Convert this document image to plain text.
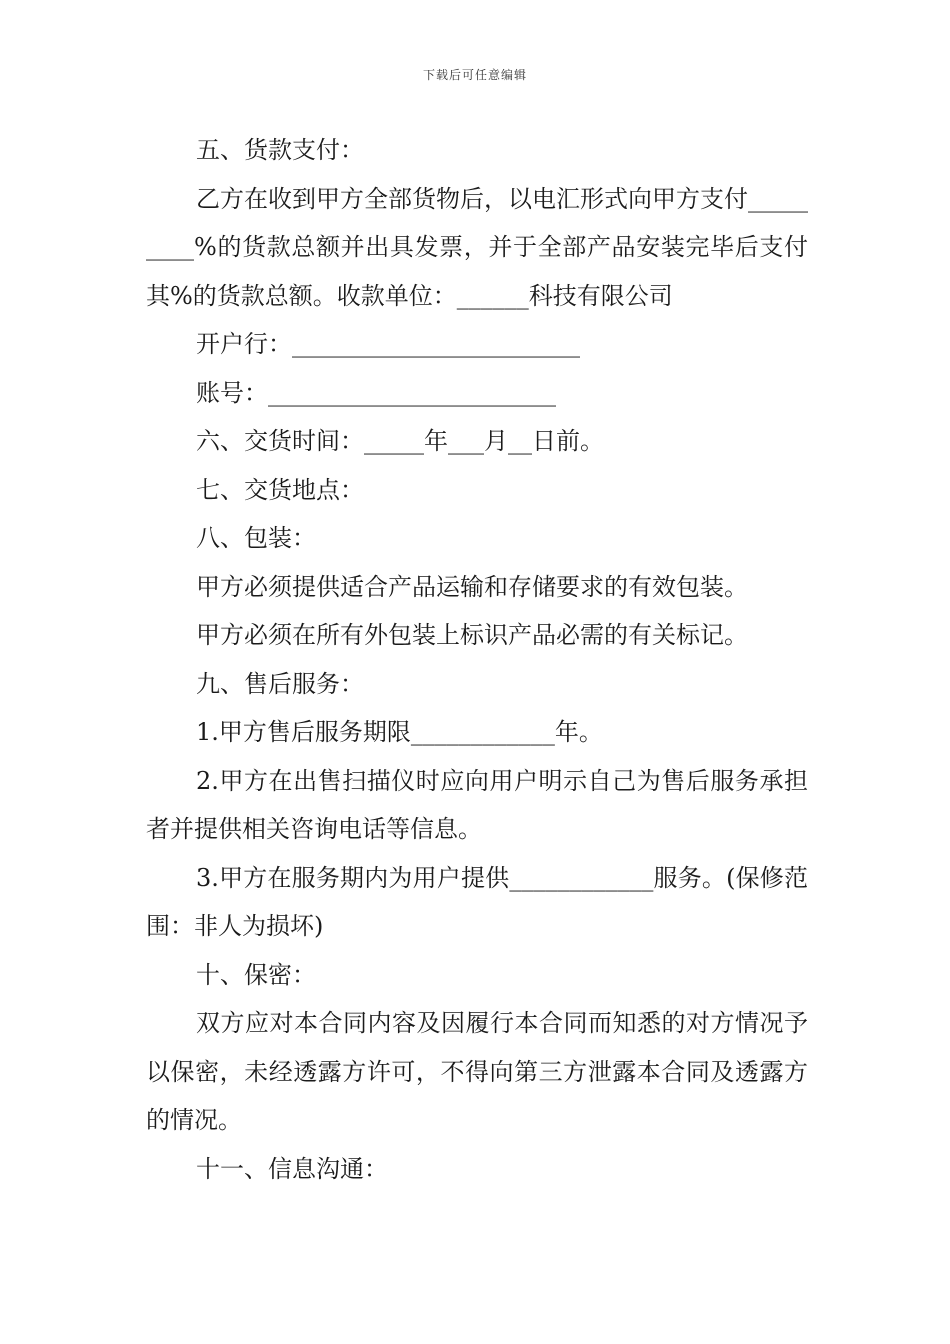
下载后可任意编辑

五、货款支付：

乙方在收到甲方全部货物后，以电汇形式向甲方支付_________%的货款总额并出具发票，并于全部产品安装完毕后支付其%的货款总额。收款单位：______科技有限公司

开户行：________________________

账号：________________________

六、交货时间：_____年___月__日前。

七、交货地点：

八、包装：

甲方必须提供适合产品运输和存储要求的有效包装。

甲方必须在所有外包装上标识产品必需的有关标记。

九、售后服务：

1.甲方售后服务期限____________年。

2.甲方在出售扫描仪时应向用户明示自己为售后服务承担者并提供相关咨询电话等信息。

3.甲方在服务期内为用户提供____________服务。(保修范围：非人为损坏)

十、保密：

双方应对本合同内容及因履行本合同而知悉的对方情况予以保密，未经透露方许可，不得向第三方泄露本合同及透露方的情况。

十一、信息沟通：
